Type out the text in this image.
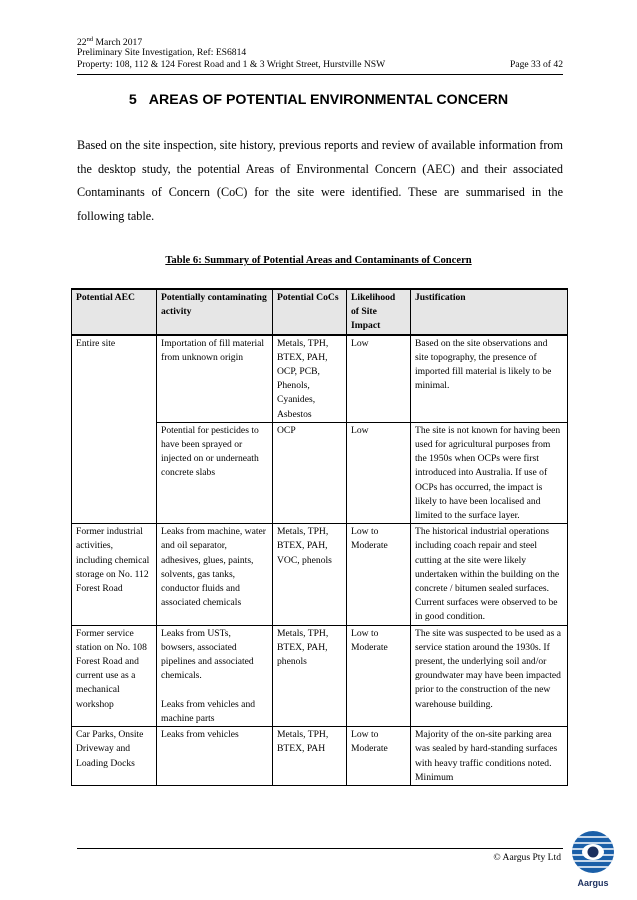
22nd March 2017
Preliminary Site Investigation, Ref: ES6814
Property: 108, 112 & 124 Forest Road and 1 & 3 Wright Street, Hurstville NSW	Page 33 of 42
5 AREAS OF POTENTIAL ENVIRONMENTAL CONCERN

Based on the site inspection, site history, previous reports and review of available information from the desktop study, the potential Areas of Environmental Concern (AEC) and their associated Contaminants of Concern (CoC) for the site were identified. These are summarised in the following table.

Table 6: Summary of Potential Areas and Contaminants of Concern
Potential AEC	Potentially contaminating activity	Potential CoCs	Likelihood of Site Impact	Justification
Entire site	Importation of fill material from unknown origin	Metals, TPH, BTEX, PAH, OCP, PCB, Phenols, Cyanides, Asbestos	Low	Based on the site observations and site topography, the presence of imported fill material is likely to be minimal.
	Potential for pesticides to have been sprayed or injected on or underneath concrete slabs	OCP	Low	The site is not known for having been used for agricultural purposes from the 1950s when OCPs were first introduced into Australia. If use of OCPs has occurred, the impact is likely to have been localised and limited to the surface layer.
Former industrial activities, including chemical storage on No. 112 Forest Road	Leaks from machine, water and oil separator, adhesives, glues, paints, solvents, gas tanks, conductor fluids and associated chemicals	Metals, TPH, BTEX, PAH, VOC, phenols	Low to Moderate	The historical industrial operations including coach repair and steel cutting at the site were likely undertaken within the building on the concrete / bitumen sealed surfaces. Current surfaces were observed to be in good condition.
Former service station on No. 108 Forest Road and current use as a mechanical workshop	Leaks from USTs, bowsers, associated pipelines and associated chemicals.

Leaks from vehicles and machine parts	Metals, TPH, BTEX, PAH, phenols	Low to Moderate	The site was suspected to be used as a service station around the 1930s. If present, the underlying soil and/or groundwater may have been impacted prior to the construction of the new warehouse building.
Car Parks, Onsite Driveway and Loading Docks	Leaks from vehicles	Metals, TPH, BTEX, PAH	Low to Moderate	Majority of the on-site parking area was sealed by hard-standing surfaces with heavy traffic conditions noted. Minimum
© Aargus Pty Ltd
Aargus
